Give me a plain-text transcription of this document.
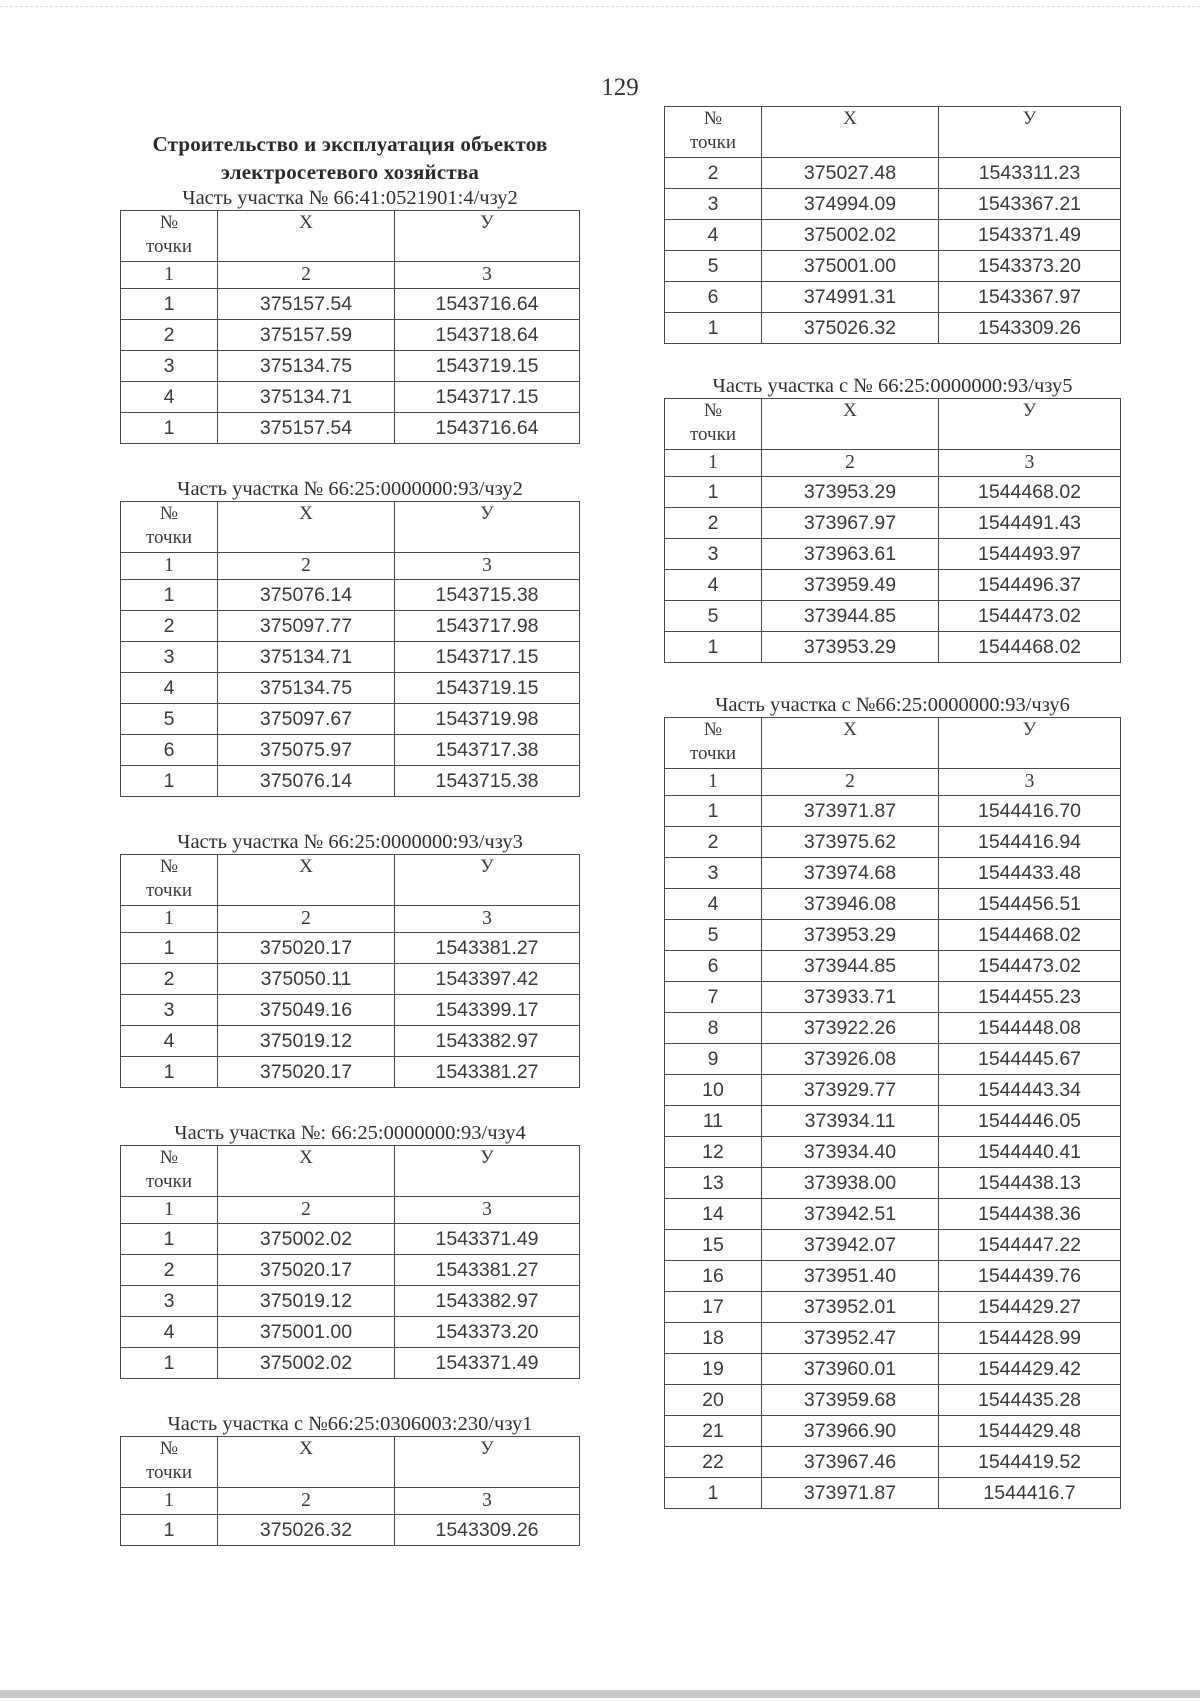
129
Строительство и эксплуатация объектов электросетевого хозяйства
Часть участка № 66:41:0521901:4/чзу2
№
точки	X	У
1	2	3
1	375157.54	1543716.64
2	375157.59	1543718.64
3	375134.75	1543719.15
4	375134.71	1543717.15
1	375157.54	1543716.64
Часть участка № 66:25:0000000:93/чзу2
№
точки	X	У
1	2	3
1	375076.14	1543715.38
2	375097.77	1543717.98
3	375134.71	1543717.15
4	375134.75	1543719.15
5	375097.67	1543719.98
6	375075.97	1543717.38
1	375076.14	1543715.38
Часть участка № 66:25:0000000:93/чзу3
№
точки	X	У
1	2	3
1	375020.17	1543381.27
2	375050.11	1543397.42
3	375049.16	1543399.17
4	375019.12	1543382.97
1	375020.17	1543381.27
Часть участка №: 66:25:0000000:93/чзу4
№
точки	X	У
1	2	3
1	375002.02	1543371.49
2	375020.17	1543381.27
3	375019.12	1543382.97
4	375001.00	1543373.20
1	375002.02	1543371.49
Часть участка с №66:25:0306003:230/чзу1
№
точки	X	У
1	2	3
1	375026.32	1543309.26
№
точки	X	У
2	375027.48	1543311.23
3	374994.09	1543367.21
4	375002.02	1543371.49
5	375001.00	1543373.20
6	374991.31	1543367.97
1	375026.32	1543309.26
Часть участка с № 66:25:0000000:93/чзу5
№
точки	X	У
1	2	3
1	373953.29	1544468.02
2	373967.97	1544491.43
3	373963.61	1544493.97
4	373959.49	1544496.37
5	373944.85	1544473.02
1	373953.29	1544468.02
Часть участка с №66:25:0000000:93/чзу6
№
точки	X	У
1	2	3
1	373971.87	1544416.70
2	373975.62	1544416.94
3	373974.68	1544433.48
4	373946.08	1544456.51
5	373953.29	1544468.02
6	373944.85	1544473.02
7	373933.71	1544455.23
8	373922.26	1544448.08
9	373926.08	1544445.67
10	373929.77	1544443.34
11	373934.11	1544446.05
12	373934.40	1544440.41
13	373938.00	1544438.13
14	373942.51	1544438.36
15	373942.07	1544447.22
16	373951.40	1544439.76
17	373952.01	1544429.27
18	373952.47	1544428.99
19	373960.01	1544429.42
20	373959.68	1544435.28
21	373966.90	1544429.48
22	373967.46	1544419.52
1	373971.87	1544416.7
